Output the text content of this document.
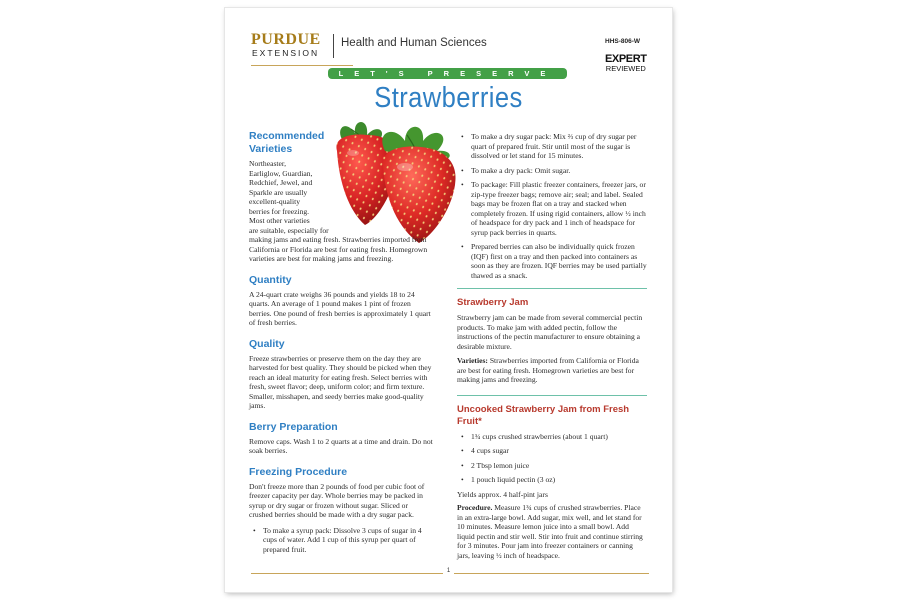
PURDUE
EXTENSION
Health and Human Sciences	HHS-806-W
EXPERT
REVIEWED
LET'S PRESERVE
Strawberries
Recommended Varieties
Northeaster,
Earliglow, Guardian,
Redchief, Jewel, and
Sparkle are usually
excellent-quality
berries for freezing.
Most other varieties
are suitable, especially for

making jams and eating fresh. Strawberries imported from California or Florida are best for eating fresh. Homegrown varieties are best for making jams and freezing.

Quantity

A 24-quart crate weighs 36 pounds and yields 18 to 24 quarts. An average of 1 pound makes 1 pint of frozen berries. One pound of fresh berries is approximately 1 quart of fresh berries.

Quality

Freeze strawberries or preserve them on the day they are harvested for best quality. They should be picked when they reach an ideal maturity for eating fresh. Select berries with fresh, sweet flavor; deep, uniform color; and firm texture. Smaller, misshapen, and seedy berries make good-quality jams.

Berry Preparation

Remove caps. Wash 1 to 2 quarts at a time and drain. Do not soak berries.

Freezing Procedure

Don't freeze more than 2 pounds of food per cubic foot of freezer capacity per day. Whole berries may be packed in syrup or dry sugar or frozen without sugar. Sliced or crushed berries should be made with a dry sugar pack.

• To make a syrup pack: Dissolve 3 cups of sugar in 4 cups of water. Add 1 cup of this syrup per quart of prepared fruit.
• To make a dry sugar pack: Mix ⅔ cup of dry sugar per quart of prepared fruit. Stir until most of the sugar is dissolved or let stand for 15 minutes.
• To make a dry pack: Omit sugar.
• To package: Fill plastic freezer containers, freezer jars, or zip-type freezer bags; remove air; seal; and label. Sealed bags may be frozen flat on a tray and stacked when completely frozen. If using rigid containers, allow ½ inch of headspace for dry pack and 1 inch of headspace for syrup pack berries in quarts.
• Prepared berries can also be individually quick frozen (IQF) first on a tray and then packed into containers as soon as they are frozen. IQF berries may be used partially thawed as a snack.
Strawberry Jam

Strawberry jam can be made from several commercial pectin products. To make jam with added pectin, follow the instructions of the pectin manufacturer to ensure obtaining a desirable mixture.

Varieties: Strawberries imported from California or Florida are best for eating fresh. Homegrown varieties are best for making jams and freezing.

Uncooked Strawberry Jam from Fresh Fruit*
• 1¾ cups crushed strawberries (about 1 quart)
• 4 cups sugar
• 2 Tbsp lemon juice
• 1 pouch liquid pectin (3 oz)

Yields approx. 4 half-pint jars

Procedure. Measure 1¾ cups of crushed strawberries. Place in an extra-large bowl. Add sugar, mix well, and let stand for 10 minutes. Measure lemon juice into a small bowl. Add liquid pectin and stir well. Stir into fruit and continue stirring for 3 minutes. Pour jam into freezer containers or canning jars, leaving ½ inch of headspace.

1
